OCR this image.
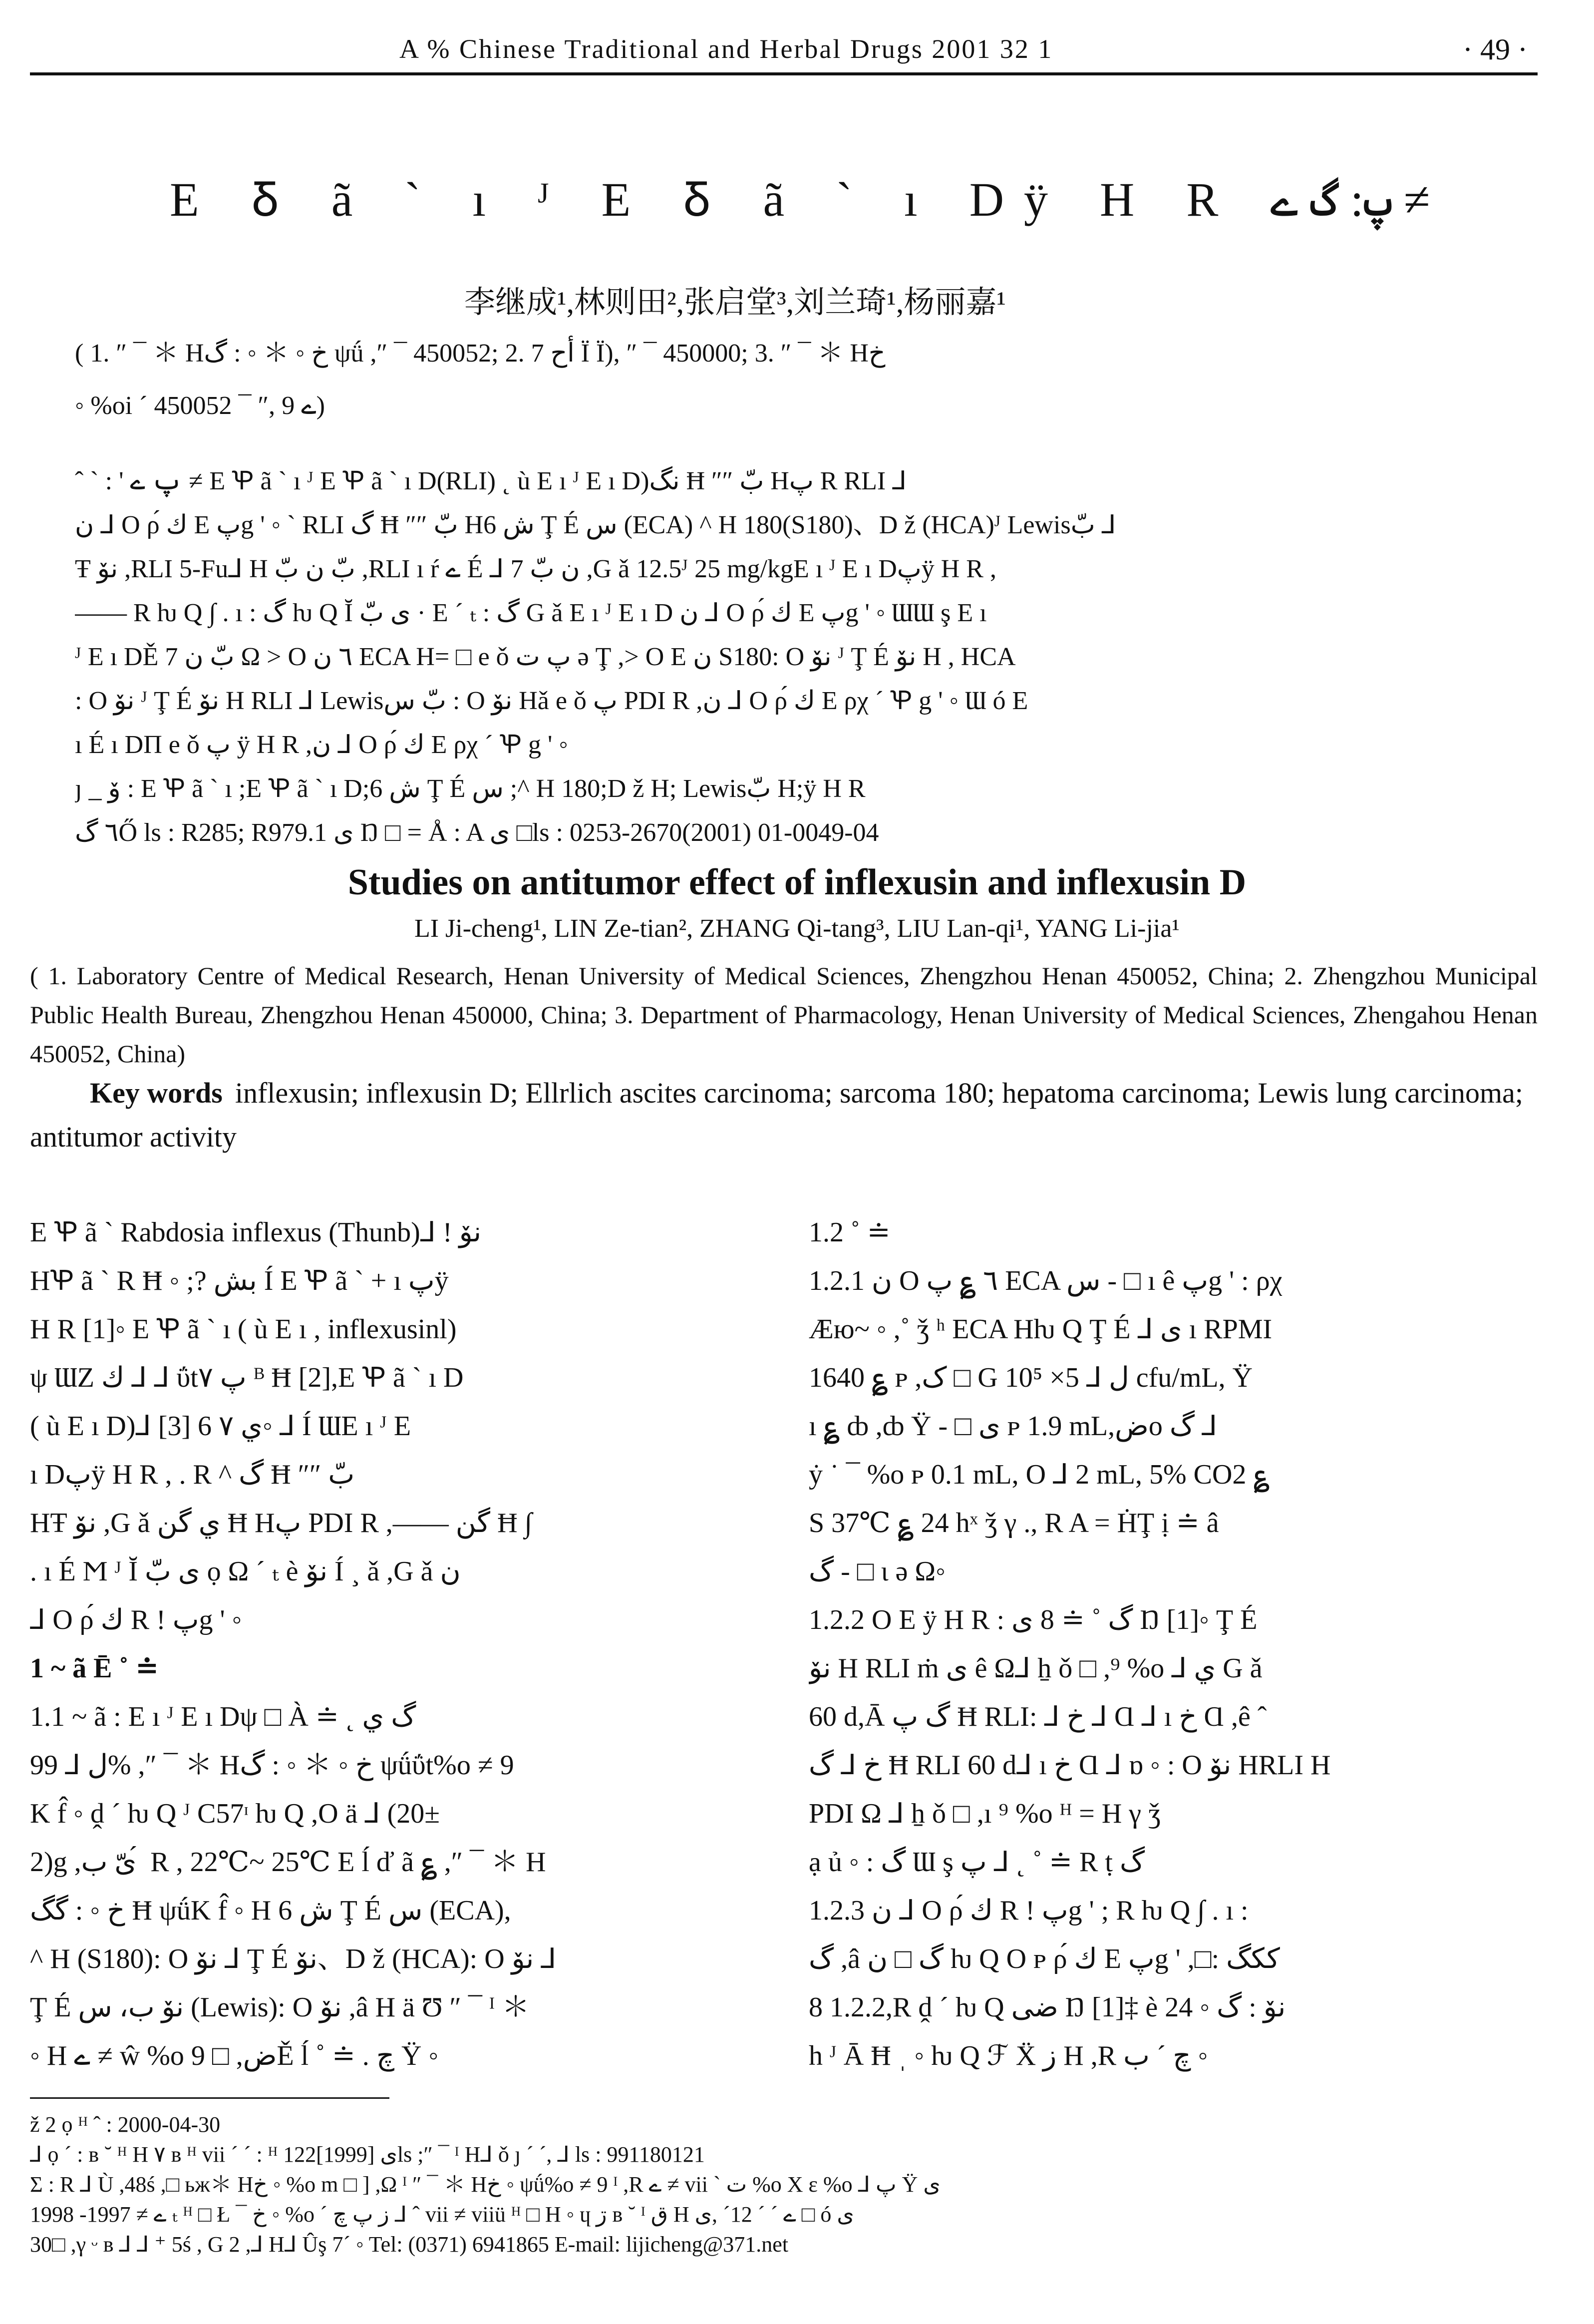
A % Chinese Traditional and Herbal Drugs 2001 32 1	· 49 ·
E Ᵹ ã ` ı ᴶ E Ᵹ ã ` ı Dÿ H R پ: گ ے ≠
李继成¹,林则田²,张启堂³,刘兰琦¹,杨丽嘉¹
( 1. ″ ¯ ＊ Hخ ◦ ＊ ◦ : گ ψǘ ,″ ¯ 450052; 2. 7 أح Ϊ Ϊ), ″ ¯ 450000; 3. ″ ¯ ＊ Hخ
◦ %oi ´ ے 9 ,″ ¯ 450052)

ˆ ` : ' پ ے ≠ E Ꝕ ã ` ı ᴶ E Ꝕ ã ` ı D(RLI) ˛ ù E ı ᴶ E ı D)نگ Ħ ″″ بّ Hپ R RLI ⅃

ن ⅃ O ρ́ ك E پg ' ◦ ` RLI گ Ħ ″″ بّ Hش 6 Ţ É س (ECA) ^ H 180(S180)、D ž (HCA)ᴶ Lewisبّ ⅃

Ŧ نۆ ,RLI 5-Fu⅃ H بّ ن بّ ,RLI ı ŕ ے É ⅃ 7 ن بّ ,G ǎ 12.5ᴶ 25 mg/kgE ı ᴶ E ı Dپÿ H R ,

—— R ƕ Q ∫ . ı : گ ƕ Q Ĭ ی بّ · E ´ ₜ : گ G ǎ E ı ᴶ E ı D ن ⅃ O ρ́ ك E پg ' ◦ ƜƜ ş E ı

ᴶ E ı DĚ 7 بّ ن Ω > O ٦ ن ECA H= □ e ǒ پ ت ə Ţ ,> O E ن S180: O نۆ ᴶ Ţ É نۆ H , HCA

: O نۆ ᴶ Ţ É نۆ H RLI ⅃ Lewisبّ س : O نۆ Hǎ e ǒ پ PDI R ,ن ⅃ O ρ́ ك E ρχ ´ Ꝕ g ' ◦ Ɯ ó E

ı É ı DΠ e ǒ پ ÿ H R ,ن ⅃ O ρ́ ك E ρχ ´ Ꝕ g ' ◦

ȷ _ ۆ : E Ꝕ ã ` ı ;E Ꝕ ã ` ı D;ش 6 Ţ É س ;^ H 180;D ž H; Lewisبّ H;ÿ H R

٦ گŐ ls : R285; R979.1 ی Ŋ □ = Å : A ی □ls : 0253-2670(2001) 01-0049-04

Studies on antitumor effect of inflexusin and inflexusin D
LI Ji-cheng¹, LIN Ze-tian², ZHANG Qi-tang³, LIU Lan-qi¹, YANG Li-jia¹
( 1. Laboratory Centre of Medical Research, Henan University of Medical Sciences, Zhengzhou Henan 450052, China; 2. Zhengzhou Municipal Public Health Bureau, Zhengzhou Henan 450000, China; 3. Department of Pharmacology, Henan University of Medical Sciences, Zhengahou Henan 450052, China)
Key words inflexusin; inflexusin D; Ellrlich ascites carcinoma; sarcoma 180; hepatoma carcinoma; Lewis lung carcinoma; antitumor activity

E Ꝕ ã ` Rabdosia inflexus (Thunb)⅃ ! نۆ

HꝔ ã ` R Ħ ◦ ;? بش Í E Ꝕ ã ` + ı پÿ

H R [1]◦ E Ꝕ ã ` ı ( ù E ı , inflexusinl)

ψ ƜZ ك ⅃ ⅃ ΰtپ ٧ ᴮ Ħ [2],E Ꝕ ã ` ı D

( ù E ı D)⅃ ي ٧ 6 [3]◦ ⅃ Í ƜE ı ᴶ E

ı Dپÿ H R , . R ^ گ Ħ ″″ بّ

HŦ نۆ ,G ǎ ي گن Ħ Hپ PDI R ,—— گن Ħ ∫

. ı É Ϻ ᴶ Ĭ ی بّ ọ Ω ´ ₜ è نۆ Í ¸ ǎ ,G ǎ ن

⅃ O ρ́ ك R ! پg ' ◦

1 ~ ã Ē ˚ ≐

1.1 ~ ã : E ı ᴶ E ı Dψ □ À ≐ ˛ گ ي

ل ⅃ 99% ,″ ¯ ＊ Hخ ◦ ＊ ◦ : گ ψǘΰt%o ≠ 9

K f̂ ◦ ḓ ´ ƕ Q ᴶ C57ᶦ ƕ Q ,O ä ⅃ (20±

2)g ,یّ ب ́ R , 22℃~ 25℃ E ĺ ď ã ؏ ,″ ¯ ＊ H

خ ◦ : گگ Ħ ψǘK f̂ ◦ H ش 6 Ţ É س (ECA),

^ H (S180): O نۆ ⅃ Ţ É نۆ、D ž (HCA): O نۆ ⅃

Ţ É نۆ ب، س (Lewis): O نۆ ,â H ä Ʊ ″ ¯ ᴵ ＊

◦ H ے ≠ ŵ %o 9 □ ,ضĚ ĺ ˚ ≐ . چ Ÿ ◦

1.2 ˚ ≐

1.2.1 ن O ٦ ؏ پ ECA س - □ ı ê پg ' : ρχ

Æю~ ◦ ,˚ ǯ ʰ ECA Hƕ Q Ţ É ⅃ ی ı RPMI

1640 ؏ ᴘ ,ک □ G ل ⅃ 5× 10⁵ cfu/mL, Ÿ

ı ؏ ȸ ,ȸ Ÿ - □ ی ᴘ 1.9 mL,ضo گ ⅃

ẏ ˙ ¯ %o ᴘ 0.1 mL, O ⅃ 2 mL, 5% CO2 ؏

S 37℃ ؏ 24 hˣ ǯ γ ., R A = ḢŢ ị ≐ â

گ - □ ɩ ə Ω◦

1.2.2 O E ÿ H R : گ ˚ ≐ 8 ی Ŋ [1]◦ Ţ É

نۆ H RLI ṁ ی ê Ω⅃ ẖ ǒ □ ,⁹ %o ⅃ ي G ǎ

60 d,Ā گ پ Ħ RLI: ⅃ خ ⅃ Ɑ ⅃ ı خ Ɑ ,ê ˆ

خ ⅃ گ Ħ RLI 60 d⅃ ı خ Ɑ ⅃ ɒ ◦ : O نۆ HRLI H

PDI Ω ⅃ ẖ ǒ □ ,ı ⁹ %o ᴴ = H γ ǯ

ạ ủ ◦ : گ Ɯ ş پ ⅃ ˛ ˚ ≐ R ṭ گ

1.2.3 ن ⅃ O ρ́ ك R ! پg ' ; R ƕ Q ∫ . ı :

گ ,â گ □ ن ƕ Q O ᴘ ρ́ ك E پg ' ,□: ککگ

8 1.2.2,R ḓ ´ ƕ Q ضی Ŋ [1]‡ è نۆ : گ ◦ 24

h ᴶ Ā Ħ ˌ ◦ ƕ Q ℱ Ẍ ز H ,R چ ´ ب ◦

ž 2 ọ ᴴ ˆ : 2000-04-30

⅃ ọ ´ : ʙ ˘ ᴴ H ٧ ʙ ᴴ vii ´ ´ : ᴴ ی [1999]122ls ;″ ¯ ᴵ H⅃ ǒ ȷ ´ ´, ⅃ ls : 991180121

Σ : R ⅃ Ù ,48ś ,□ ьж＊ Hخ ◦ %o m □ ] ,Ω ᴵ ″ ¯ ＊ Hخ ◦ ψǘ%o ≠ 9 ᴵ ,R ے ≠ vii ` ت %o X ε %o ⅃ پ Ÿ ی

ے ≠ 1997- 1998 ₜ ᴴ □ Ł ¯ خ ◦ %o ´ ز پ چ ⅃ ˆ vii ≠ viiü ᴴ □ H ◦ ɥ ڗ ʙ ˘ ᴵ ق H ے ´ ´ 12´ ,ی □ ó ی

30□ ,γ ᵕ ʙ ⅃ ⅃ ⁺ 5ś , G 2 ,⅃ H⅃ Ûş 7´ ◦ Tel: (0371) 6941865 E-mail: lijicheng@371.net
